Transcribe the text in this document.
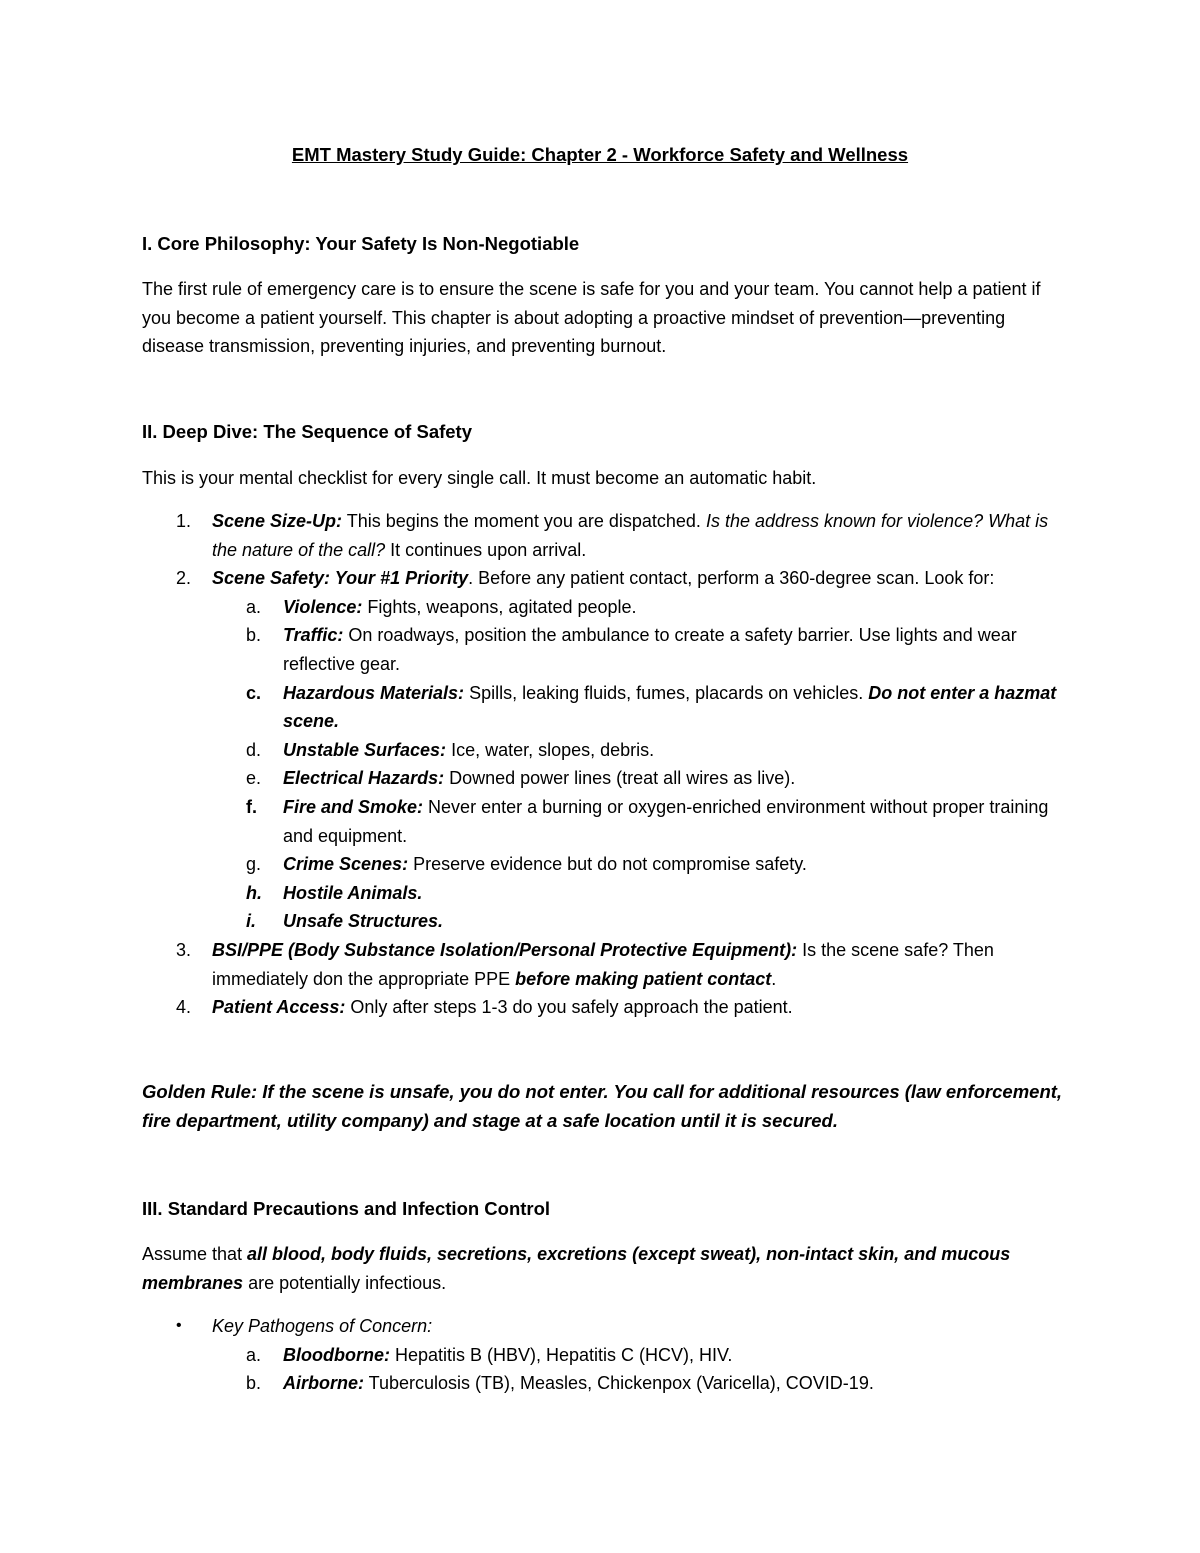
EMT Mastery Study Guide: Chapter 2 - Workforce Safety and Wellness
I. Core Philosophy: Your Safety Is Non-Negotiable
The first rule of emergency care is to ensure the scene is safe for you and your team. You cannot help a patient if you become a patient yourself. This chapter is about adopting a proactive mindset of prevention—preventing disease transmission, preventing injuries, and preventing burnout.
II. Deep Dive: The Sequence of Safety
This is your mental checklist for every single call. It must become an automatic habit.
1. Scene Size-Up: This begins the moment you are dispatched. Is the address known for violence? What is the nature of the call? It continues upon arrival.
2. Scene Safety: Your #1 Priority. Before any patient contact, perform a 360-degree scan. Look for:
a. Violence: Fights, weapons, agitated people.
b. Traffic: On roadways, position the ambulance to create a safety barrier. Use lights and wear reflective gear.
c. Hazardous Materials: Spills, leaking fluids, fumes, placards on vehicles. Do not enter a hazmat scene.
d. Unstable Surfaces: Ice, water, slopes, debris.
e. Electrical Hazards: Downed power lines (treat all wires as live).
f. Fire and Smoke: Never enter a burning or oxygen-enriched environment without proper training and equipment.
g. Crime Scenes: Preserve evidence but do not compromise safety.
h. Hostile Animals.
i. Unsafe Structures.
3. BSI/PPE (Body Substance Isolation/Personal Protective Equipment): Is the scene safe? Then immediately don the appropriate PPE before making patient contact.
4. Patient Access: Only after steps 1-3 do you safely approach the patient.
Golden Rule: If the scene is unsafe, you do not enter. You call for additional resources (law enforcement, fire department, utility company) and stage at a safe location until it is secured.
III. Standard Precautions and Infection Control
Assume that all blood, body fluids, secretions, excretions (except sweat), non-intact skin, and mucous membranes are potentially infectious.
• Key Pathogens of Concern:
a. Bloodborne: Hepatitis B (HBV), Hepatitis C (HCV), HIV.
b. Airborne: Tuberculosis (TB), Measles, Chickenpox (Varicella), COVID-19.
